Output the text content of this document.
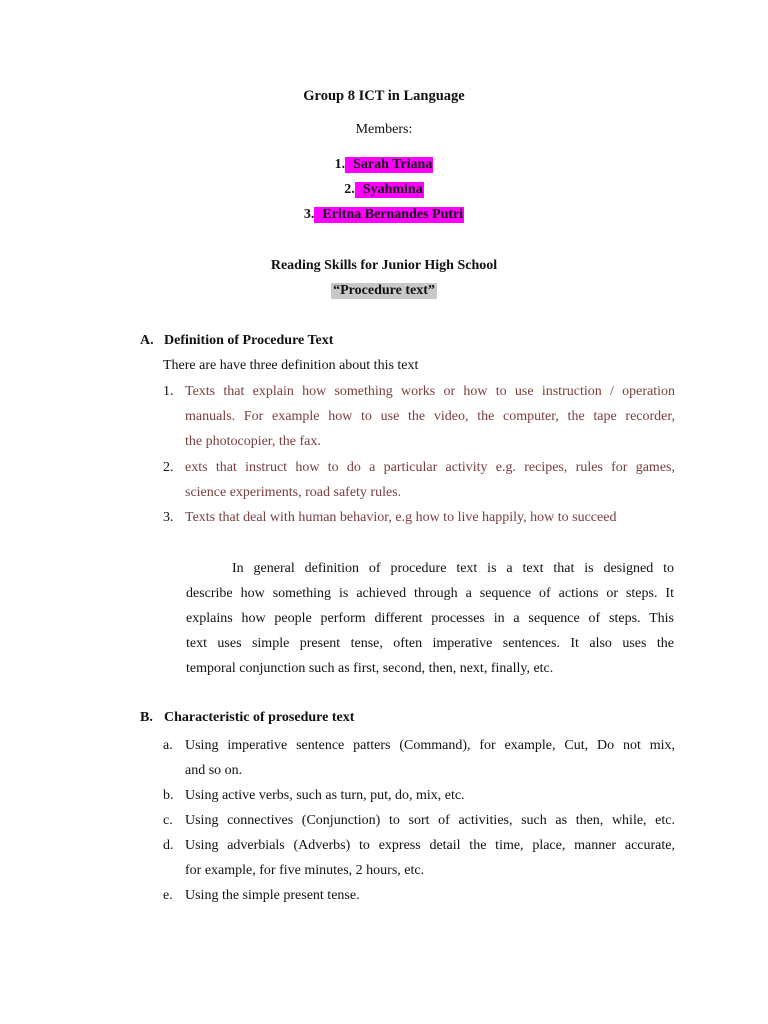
Group 8 ICT in Language
Members:
1. Sarah Triana
2. Syahmina
3. Eritna Bernandes Putri
Reading Skills for Junior High School
“Procedure text”
A. Definition of Procedure Text
There are have three definition about this text
1. Texts that explain how something works or how to use instruction / operation
manuals. For example how to use the video, the computer, the tape recorder,
the photocopier, the fax.
2. exts that instruct how to do a particular activity e.g. recipes, rules for games,
science experiments, road safety rules.
3. Texts that deal with human behavior, e.g how to live happily, how to succeed
In general definition of procedure text is a text that is designed to
describe how something is achieved through a sequence of actions or steps. It
explains how people perform different processes in a sequence of steps. This
text uses simple present tense, often imperative sentences. It also uses the
temporal conjunction such as first, second, then, next, finally, etc.
B. Characteristic of prosedure text
a. Using imperative sentence patters (Command), for example, Cut, Do not mix,
and so on.
b. Using active verbs, such as turn, put, do, mix, etc.
c. Using connectives (Conjunction) to sort of activities, such as then, while, etc.
d. Using adverbials (Adverbs) to express detail the time, place, manner accurate,
for example, for five minutes, 2 hours, etc.
e. Using the simple present tense.
